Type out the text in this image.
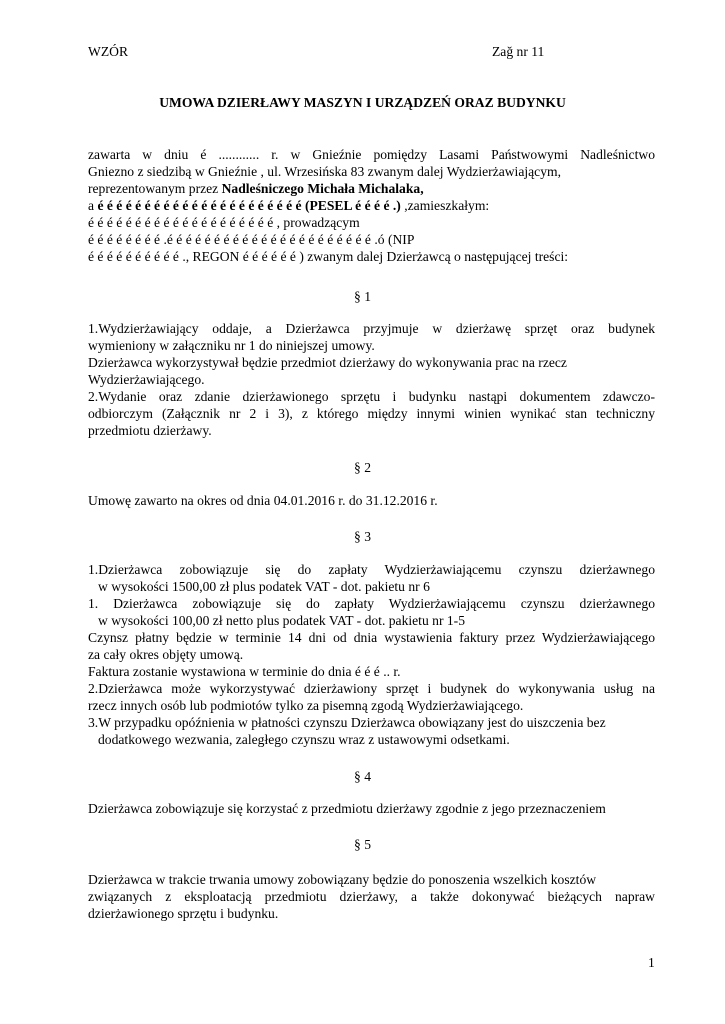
WZÓR	Zağ nr 11
UMOWA DZIERŁAWY MASZYN I URZĄDZEŃ ORAZ BUDYNKU
zawarta w dniu é ............ r. w Gnieźnie pomiędzy Lasami Państwowymi Nadleśnictwo
Gniezno z siedzibą w Gnieźnie , ul. Wrzesińska 83 zwanym dalej Wydzierżawiającym,
reprezentowanym przez Nadleśniczego Michała Michalaka,
a é é é é é é é é é é é é é é é é é é é é é é (PESEL é é é é .) ,zamieszkałym:
é é é é é é é é é é é é é é é é é é é é , prowadzącym
é é é é é é é é .é é é é é é é é é é é é é é é é é é é é é é .ó (NIP
é é é é é é é é é é ., REGON é é é é é é ) zwanym dalej Dzierżawcą o następującej treści:
§ 1
1.Wydzierżawiający oddaje, a Dzierżawca przyjmuje w dzierżawę sprzęt oraz budynek
wymieniony w załączniku nr 1 do niniejszej umowy.
Dzierżawca wykorzystywał będzie przedmiot dzierżawy do wykonywania prac na rzecz
Wydzierżawiającego.
2.Wydanie oraz zdanie dzierżawionego sprzętu i budynku nastąpi dokumentem zdawczo-
odbiorczym (Załącznik nr 2 i 3), z którego między innymi winien wynikać stan techniczny
przedmiotu dzierżawy.
§ 2
Umowę zawarto na okres od dnia 04.01.2016 r. do 31.12.2016 r.
§ 3
1.Dzierżawca zobowiązuje się do zapłaty Wydzierżawiającemu czynszu dzierżawnego
w wysokości 1500,00 zł plus podatek VAT - dot. pakietu nr 6
1. Dzierżawca zobowiązuje się do zapłaty Wydzierżawiającemu czynszu dzierżawnego
w wysokości 100,00 zł netto plus podatek VAT - dot. pakietu nr 1-5
Czynsz płatny będzie w terminie 14 dni od dnia wystawienia faktury przez Wydzierżawiającego
za cały okres objęty umową.
Faktura zostanie wystawiona w terminie do dnia é é é .. r.
2.Dzierżawca może wykorzystywać dzierżawiony sprzęt i budynek do wykonywania usług na
rzecz innych osób lub podmiotów tylko za pisemną zgodą Wydzierżawiającego.
3.W przypadku opóźnienia w płatności czynszu Dzierżawca obowiązany jest do uiszczenia bez
dodatkowego wezwania, zaległego czynszu wraz z ustawowymi odsetkami.
§ 4
Dzierżawca zobowiązuje się korzystać z przedmiotu dzierżawy zgodnie z jego przeznaczeniem
§ 5
Dzierżawca w trakcie trwania umowy zobowiązany będzie do ponoszenia wszelkich kosztów
związanych z eksploatacją przedmiotu dzierżawy, a także dokonywać bieżących napraw
dzierżawionego sprzętu i budynku.
1
